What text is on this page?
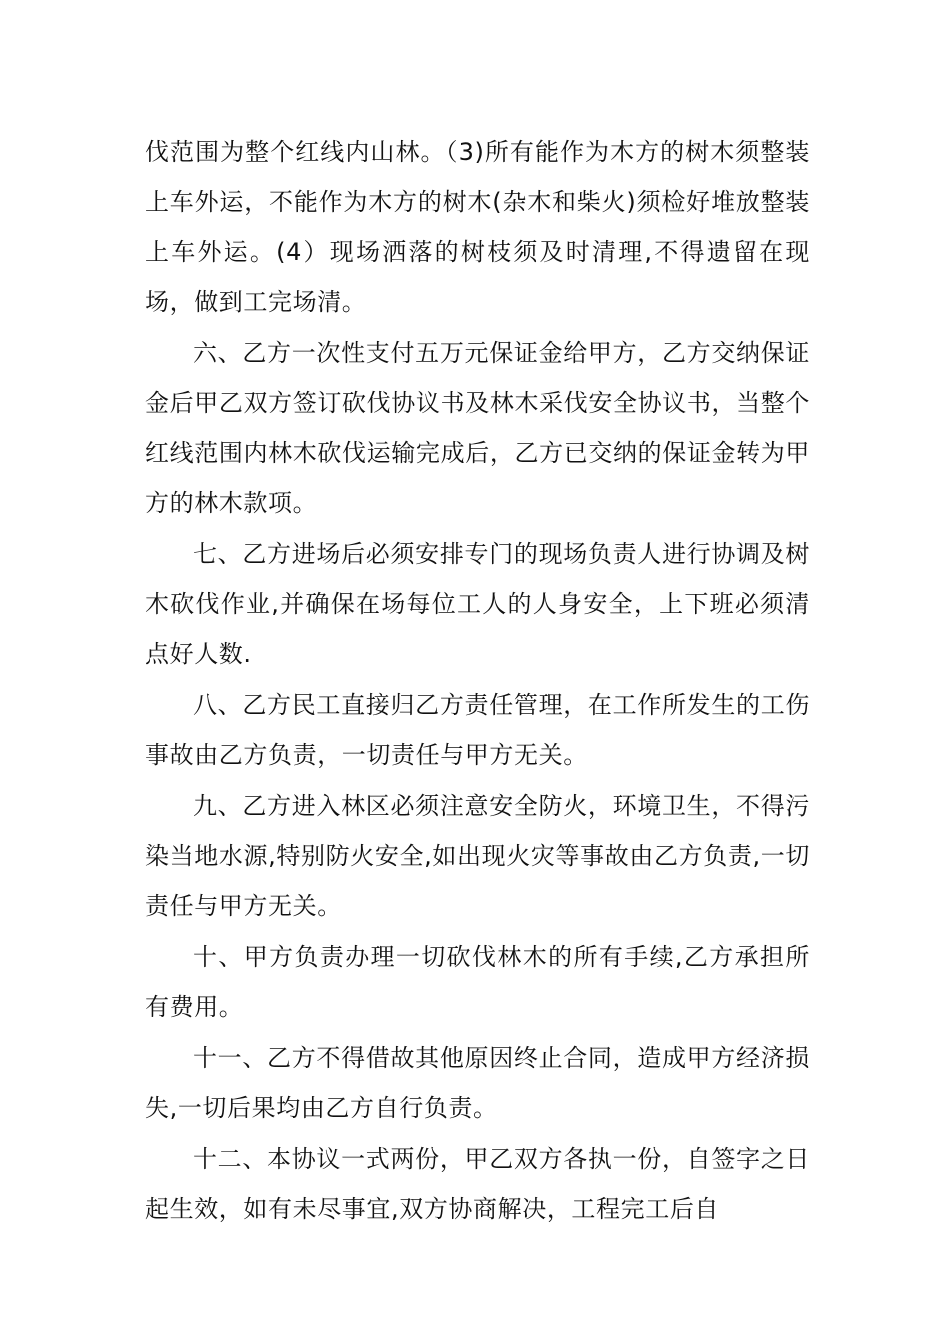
伐范围为整个红线内山林。（3)所有能作为木方的树木须整装上车外运，不能作为木方的树木(杂木和柴火)须检好堆放整装上车外运。(4）现场洒落的树枝须及时清理,不得遗留在现场，做到工完场清。

六、乙方一次性支付五万元保证金给甲方，乙方交纳保证金后甲乙双方签订砍伐协议书及林木采伐安全协议书，当整个红线范围内林木砍伐运输完成后，乙方已交纳的保证金转为甲方的林木款项。

七、乙方进场后必须安排专门的现场负责人进行协调及树木砍伐作业,并确保在场每位工人的人身安全，上下班必须清点好人数.

八、乙方民工直接归乙方责任管理，在工作所发生的工伤事故由乙方负责，一切责任与甲方无关。

九、乙方进入林区必须注意安全防火，环境卫生，不得污染当地水源,特别防火安全,如出现火灾等事故由乙方负责,一切责任与甲方无关。

十、甲方负责办理一切砍伐林木的所有手续,乙方承担所有费用。

十一、乙方不得借故其他原因终止合同，造成甲方经济损失,一切后果均由乙方自行负责。

十二、本协议一式两份，甲乙双方各执一份，自签字之日起生效，如有未尽事宜,双方协商解决，工程完工后自
